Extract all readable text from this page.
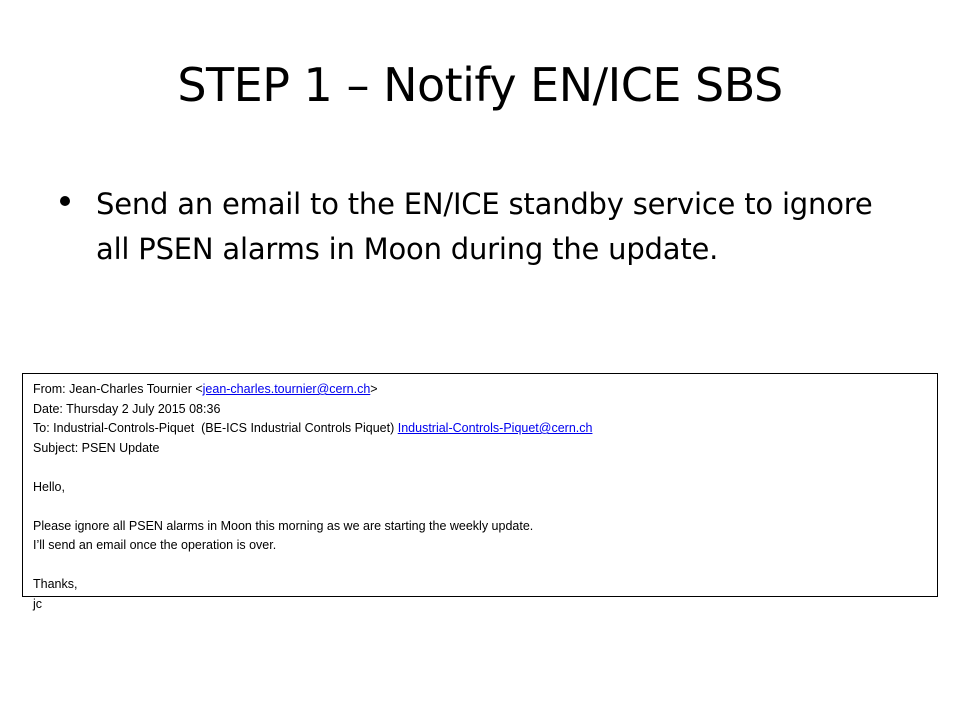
STEP 1 – Notify EN/ICE SBS
Send an email to the EN/ICE standby service to ignore all PSEN alarms in Moon during the update.
From: Jean-Charles Tournier <jean-charles.tournier@cern.ch>
Date: Thursday 2 July 2015 08:36
To: Industrial-Controls-Piquet  (BE-ICS Industrial Controls Piquet) Industrial-Controls-Piquet@cern.ch
Subject: PSEN Update
Hello,
Please ignore all PSEN alarms in Moon this morning as we are starting the weekly update.
I’ll send an email once the operation is over.
Thanks,
jc
